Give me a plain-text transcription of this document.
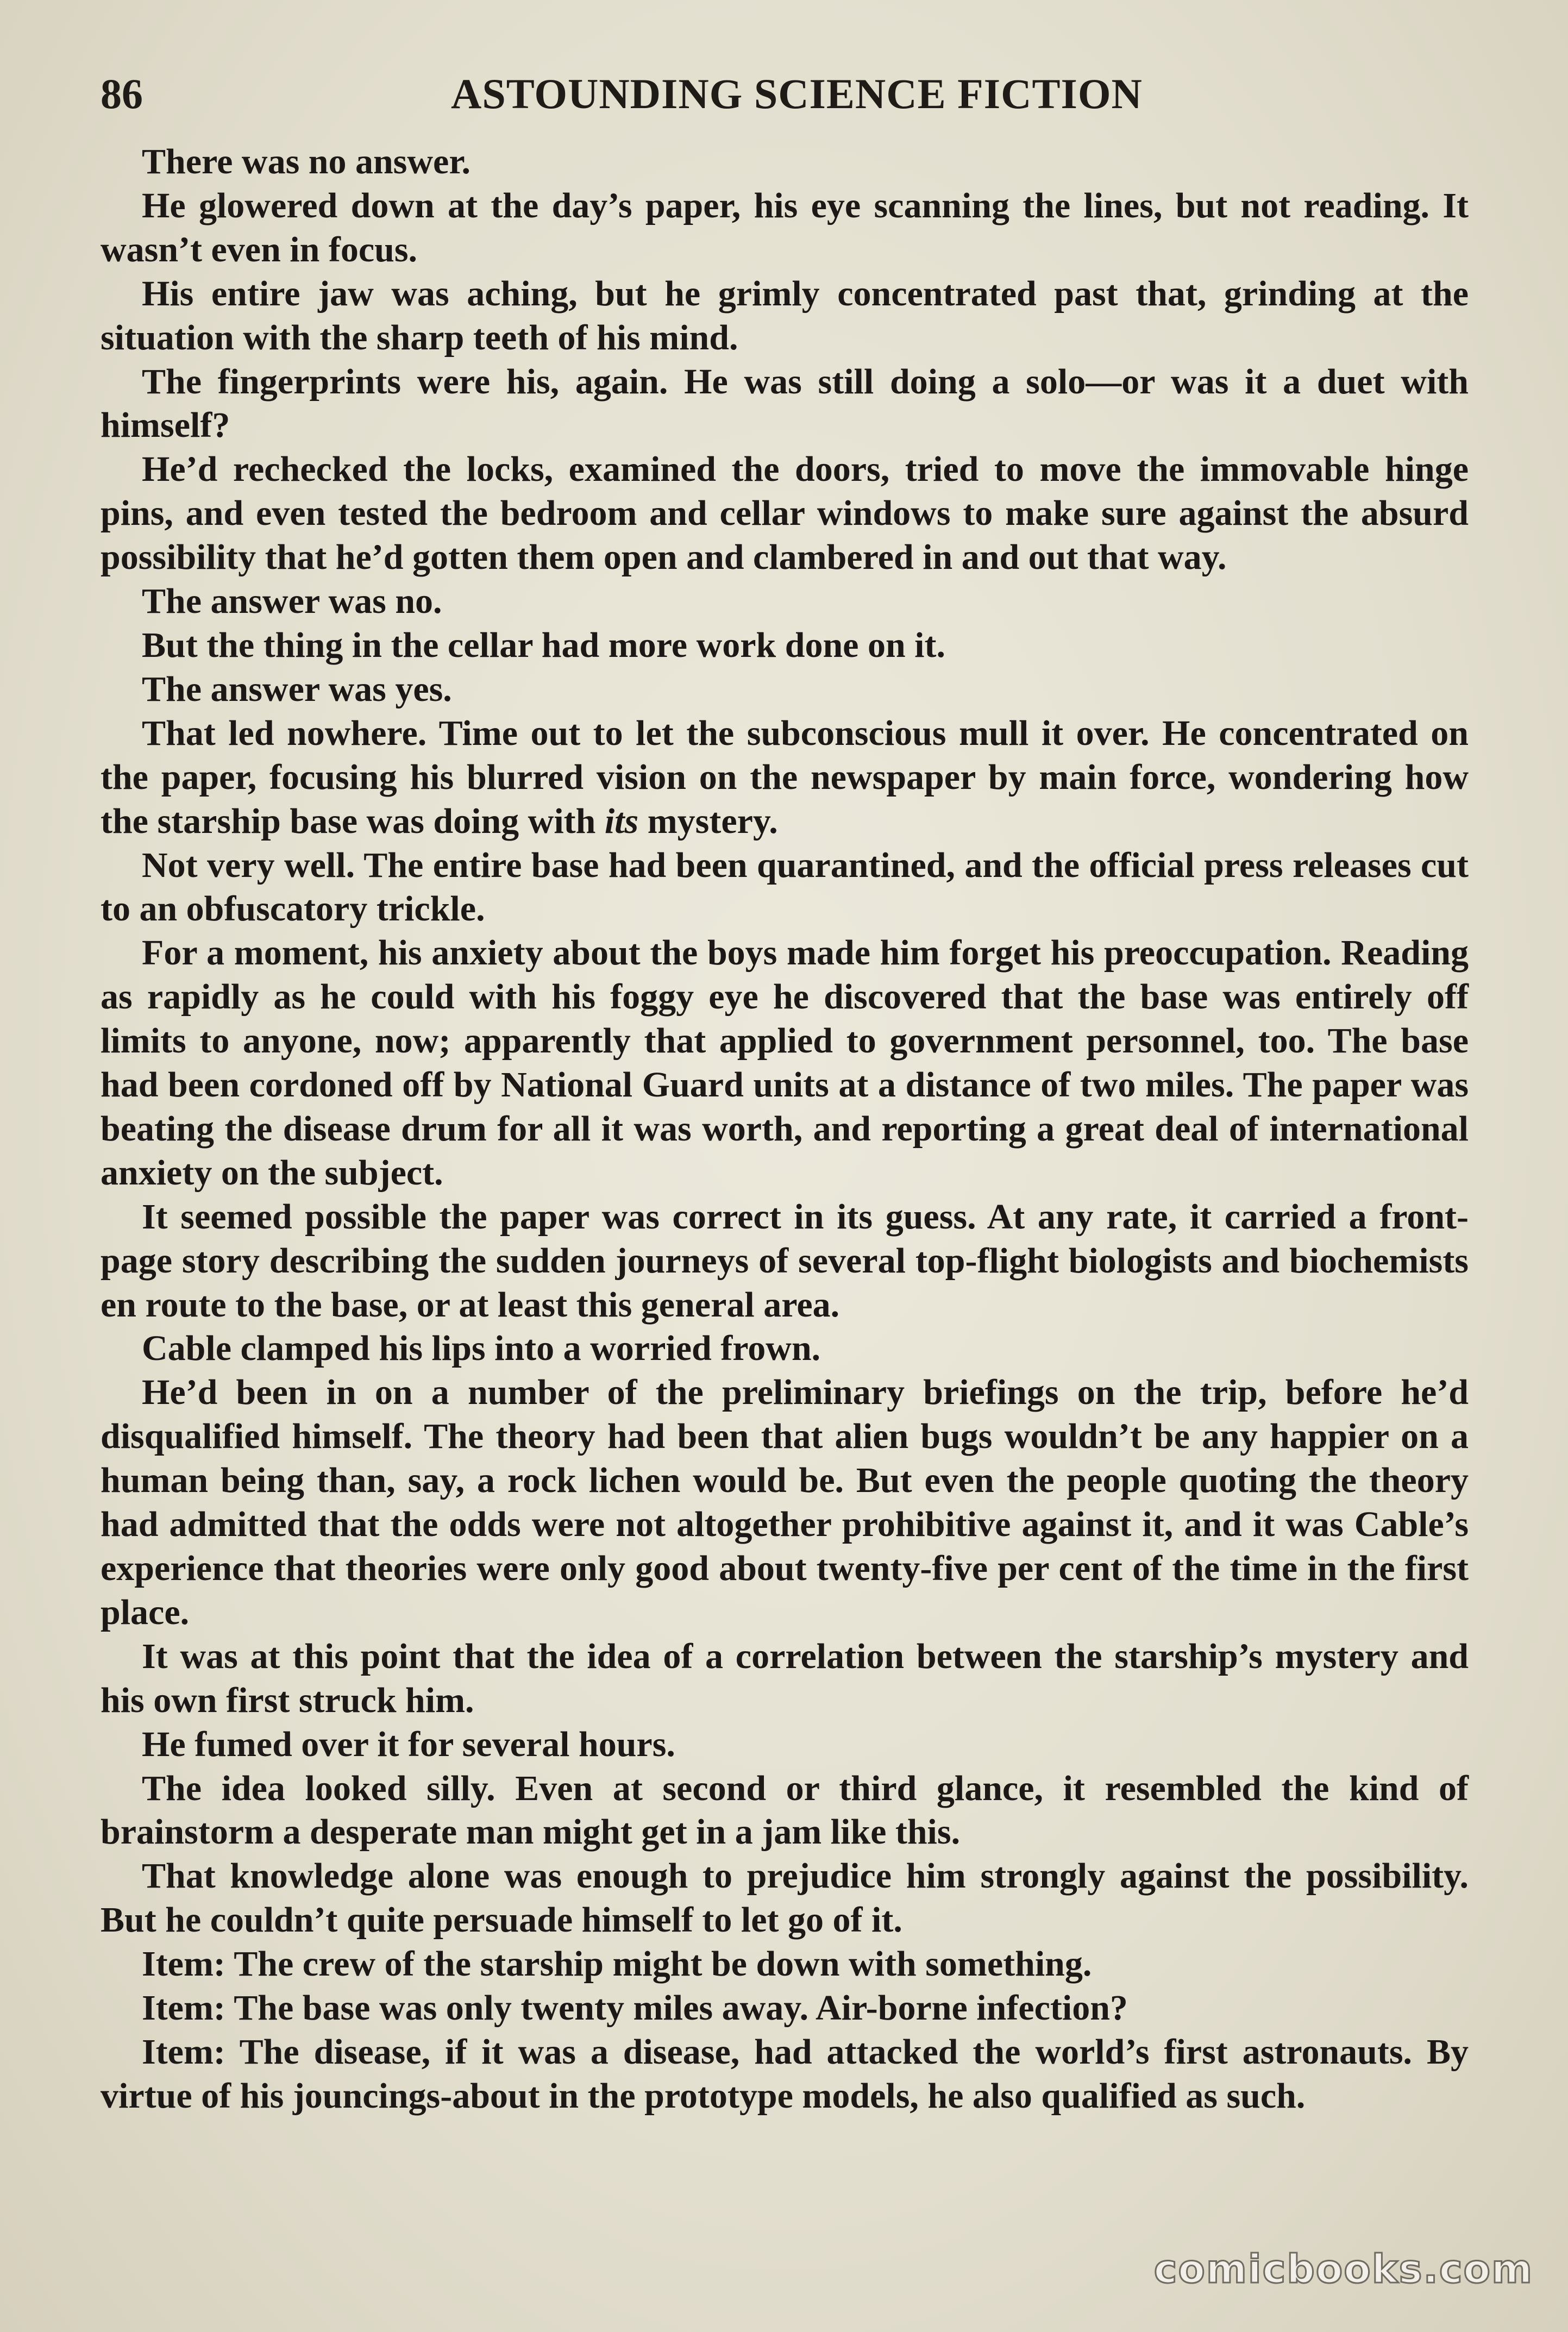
86	ASTOUNDING SCIENCE FICTION

There was no answer.

He glowered down at the day’s paper, his eye scanning the lines, but not reading. It wasn’t even in focus.

His entire jaw was aching, but he grimly concentrated past that, grinding at the situation with the sharp teeth of his mind.

The fingerprints were his, again. He was still doing a solo—or was it a duet with himself?

He’d rechecked the locks, examined the doors, tried to move the immovable hinge pins, and even tested the bedroom and cellar windows to make sure against the absurd possibility that he’d gotten them open and clambered in and out that way.

The answer was no.

But the thing in the cellar had more work done on it.

The answer was yes.

That led nowhere. Time out to let the subconscious mull it over. He concentrated on the paper, focusing his blurred vision on the newspaper by main force, wondering how the starship base was doing with its mystery.

Not very well. The entire base had been quarantined, and the official press releases cut to an obfuscatory trickle.

For a moment, his anxiety about the boys made him forget his preoccupation. Reading as rapidly as he could with his foggy eye he discovered that the base was entirely off limits to anyone, now; apparently that applied to government personnel, too. The base had been cordoned off by National Guard units at a distance of two miles. The paper was beating the disease drum for all it was worth, and reporting a great deal of international anxiety on the subject.

It seemed possible the paper was correct in its guess. At any rate, it carried a front-page story describing the sudden journeys of several top-flight biologists and biochemists en route to the base, or at least this general area.

Cable clamped his lips into a worried frown.

He’d been in on a number of the preliminary briefings on the trip, before he’d disqualified himself. The theory had been that alien bugs wouldn’t be any happier on a human being than, say, a rock lichen would be. But even the people quoting the theory had admitted that the odds were not altogether prohibitive against it, and it was Cable’s experience that theories were only good about twenty-five per cent of the time in the first place.

It was at this point that the idea of a correlation between the starship’s mystery and his own first struck him.

He fumed over it for several hours.

The idea looked silly. Even at second or third glance, it resembled the kind of brainstorm a desperate man might get in a jam like this.

That knowledge alone was enough to prejudice him strongly against the possibility. But he couldn’t quite persuade himself to let go of it.

Item: The crew of the starship might be down with something.

Item: The base was only twenty miles away. Air-borne infection?

Item: The disease, if it was a disease, had attacked the world’s first astronauts. By virtue of his jouncings-about in the prototype models, he also qualified as such.

comicbooks.com
